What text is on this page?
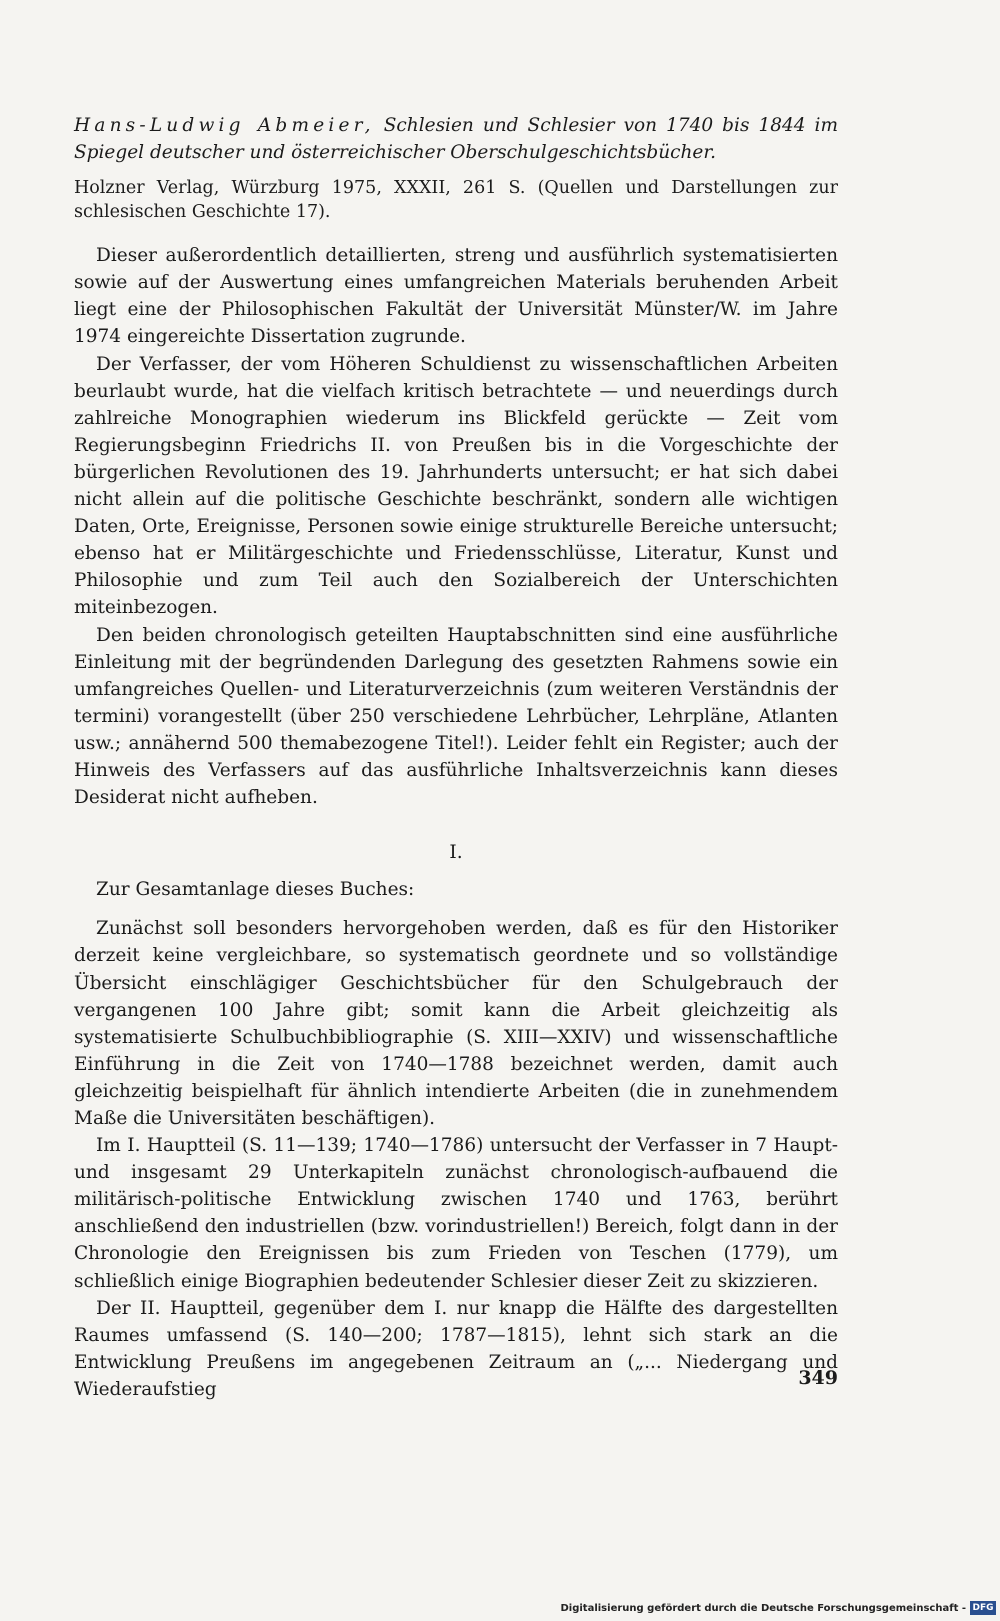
Hans-Ludwig Abmeier, Schlesien und Schlesier von 1740 bis 1844 im Spiegel deutscher und österreichischer Oberschulgeschichtsbücher.

Holzner Verlag, Würzburg 1975, XXXII, 261 S. (Quellen und Darstellungen zur schlesischen Geschichte 17).

Dieser außerordentlich detaillierten, streng und ausführlich systematisierten sowie auf der Auswertung eines umfangreichen Materials beruhenden Arbeit liegt eine der Philosophischen Fakultät der Universität Münster/W. im Jahre 1974 eingereichte Dissertation zugrunde.

Der Verfasser, der vom Höheren Schuldienst zu wissenschaftlichen Arbeiten beurlaubt wurde, hat die vielfach kritisch betrachtete — und neuerdings durch zahlreiche Monographien wiederum ins Blickfeld gerückte — Zeit vom Regierungsbeginn Friedrichs II. von Preußen bis in die Vorgeschichte der bürgerlichen Revolutionen des 19. Jahrhunderts untersucht; er hat sich dabei nicht allein auf die politische Geschichte beschränkt, sondern alle wichtigen Daten, Orte, Ereignisse, Personen sowie einige strukturelle Bereiche untersucht; ebenso hat er Militärgeschichte und Friedensschlüsse, Literatur, Kunst und Philosophie und zum Teil auch den Sozialbereich der Unterschichten miteinbezogen.

Den beiden chronologisch geteilten Hauptabschnitten sind eine ausführliche Einleitung mit der begründenden Darlegung des gesetzten Rahmens sowie ein umfangreiches Quellen- und Literaturverzeichnis (zum weiteren Verständnis der termini) vorangestellt (über 250 verschiedene Lehrbücher, Lehrpläne, Atlanten usw.; annähernd 500 themabezogene Titel!). Leider fehlt ein Register; auch der Hinweis des Verfassers auf das ausführliche Inhaltsverzeichnis kann dieses Desiderat nicht aufheben.

I.

Zur Gesamtanlage dieses Buches:

Zunächst soll besonders hervorgehoben werden, daß es für den Historiker derzeit keine vergleichbare, so systematisch geordnete und so vollständige Übersicht einschlägiger Geschichtsbücher für den Schulgebrauch der vergangenen 100 Jahre gibt; somit kann die Arbeit gleichzeitig als systematisierte Schulbuchbibliographie (S. XIII—XXIV) und wissenschaftliche Einführung in die Zeit von 1740—1788 bezeichnet werden, damit auch gleichzeitig beispielhaft für ähnlich intendierte Arbeiten (die in zunehmendem Maße die Universitäten beschäftigen).

Im I. Hauptteil (S. 11—139; 1740—1786) untersucht der Verfasser in 7 Haupt- und insgesamt 29 Unterkapiteln zunächst chronologisch-aufbauend die militärisch-politische Entwicklung zwischen 1740 und 1763, berührt anschließend den industriellen (bzw. vorindustriellen!) Bereich, folgt dann in der Chronologie den Ereignissen bis zum Frieden von Teschen (1779), um schließlich einige Biographien bedeutender Schlesier dieser Zeit zu skizzieren.

Der II. Hauptteil, gegenüber dem I. nur knapp die Hälfte des dargestellten Raumes umfassend (S. 140—200; 1787—1815), lehnt sich stark an die Entwicklung Preußens im angegebenen Zeitraum an („... Niedergang und Wiederaufstieg

349
Digitalisierung gefördert durch die Deutsche Forschungsgemeinschaft - DFG
